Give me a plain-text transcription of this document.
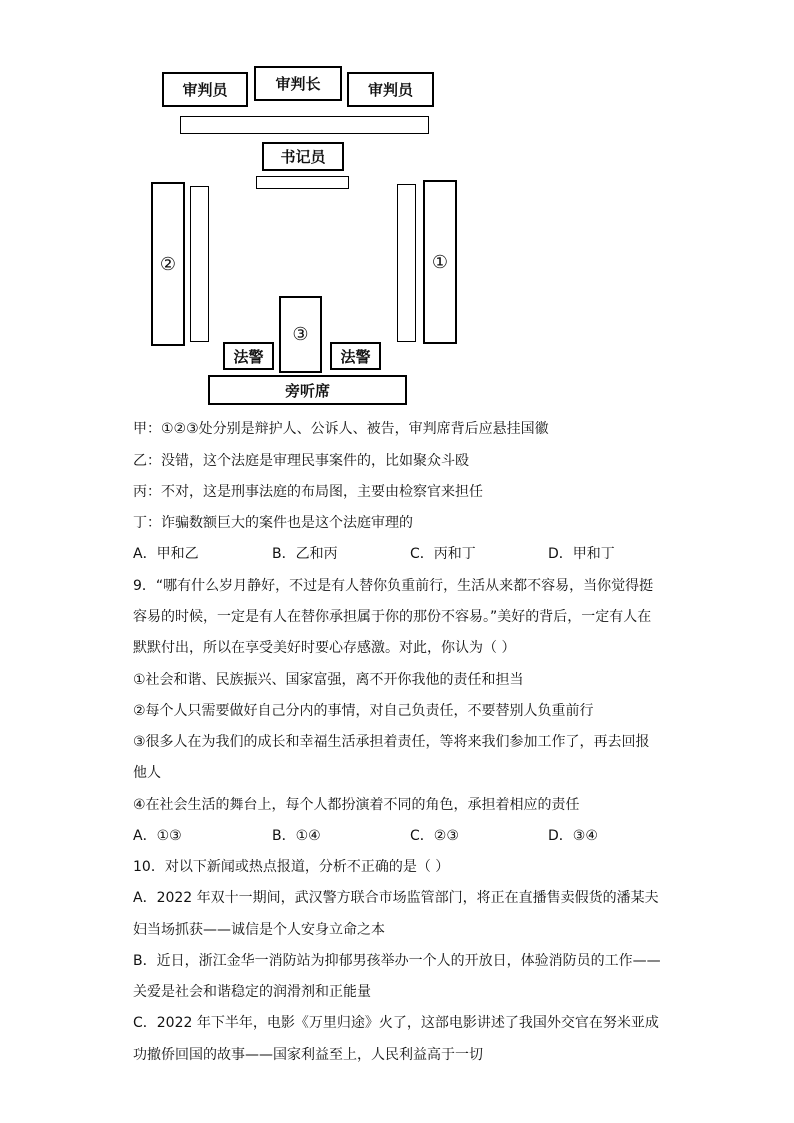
审判员	审判长	审判员
书记员
②	①
③
法警	法警
旁听席
甲：①②③处分别是辩护人、公诉人、被告，审判席背后应悬挂国徽
乙：没错，这个法庭是审理民事案件的，比如聚众斗殴
丙：不对，这是刑事法庭的布局图，主要由检察官来担任
丁：诈骗数额巨大的案件也是这个法庭审理的
A．甲和乙	B．乙和丙	C．丙和丁	D．甲和丁
9．“哪有什么岁月静好，不过是有人替你负重前行，生活从来都不容易，当你觉得挺
容易的时候，一定是有人在替你承担属于你的那份不容易。”美好的背后，一定有人在
默默付出，所以在享受美好时要心存感激。对此，你认为（ ）
①社会和谐、民族振兴、国家富强，离不开你我他的责任和担当
②每个人只需要做好自己分内的事情，对自己负责任，不要替别人负重前行
③很多人在为我们的成长和幸福生活承担着责任，等将来我们参加工作了，再去回报
他人
④在社会生活的舞台上，每个人都扮演着不同的角色，承担着相应的责任
A．①③	B．①④	C．②③	D．③④
10．对以下新闻或热点报道，分析不正确的是（ ）
A．2022 年双十一期间，武汉警方联合市场监管部门，将正在直播售卖假货的潘某夫
妇当场抓获——诚信是个人安身立命之本
B．近日，浙江金华一消防站为抑郁男孩举办一个人的开放日，体验消防员的工作——
关爱是社会和谐稳定的润滑剂和正能量
C．2022 年下半年，电影《万里归途》火了，这部电影讲述了我国外交官在努米亚成
功撤侨回国的故事——国家利益至上，人民利益高于一切
